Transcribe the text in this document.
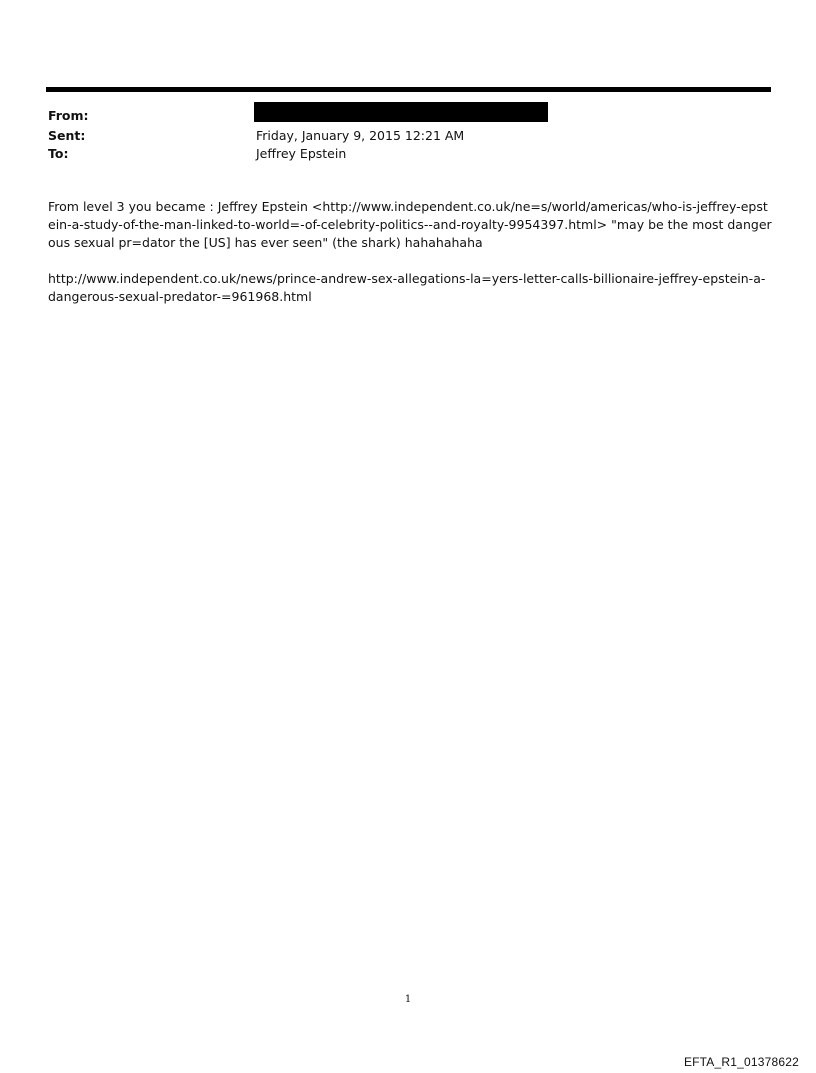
From:
Sent:	Friday, January 9, 2015 12:21 AM
To:	Jeffrey Epstein

From level 3 you became : Jeffrey Epstein <http://www.independent.co.uk/ne=s/world/americas/who-is-jeffrey-epstein-a-study-of-the-man-linked-to-world=-of-celebrity-politics--and-royalty-9954397.html> "may be the most dangerous sexual pr=dator the [US] has ever seen" (the shark) hahahahaha

http://www.independent.co.uk/news/prince-andrew-sex-allegations-la=yers-letter-calls-billionaire-jeffrey-epstein-a-dangerous-sexual-predator-=961968.html

1
EFTA_R1_01378622
